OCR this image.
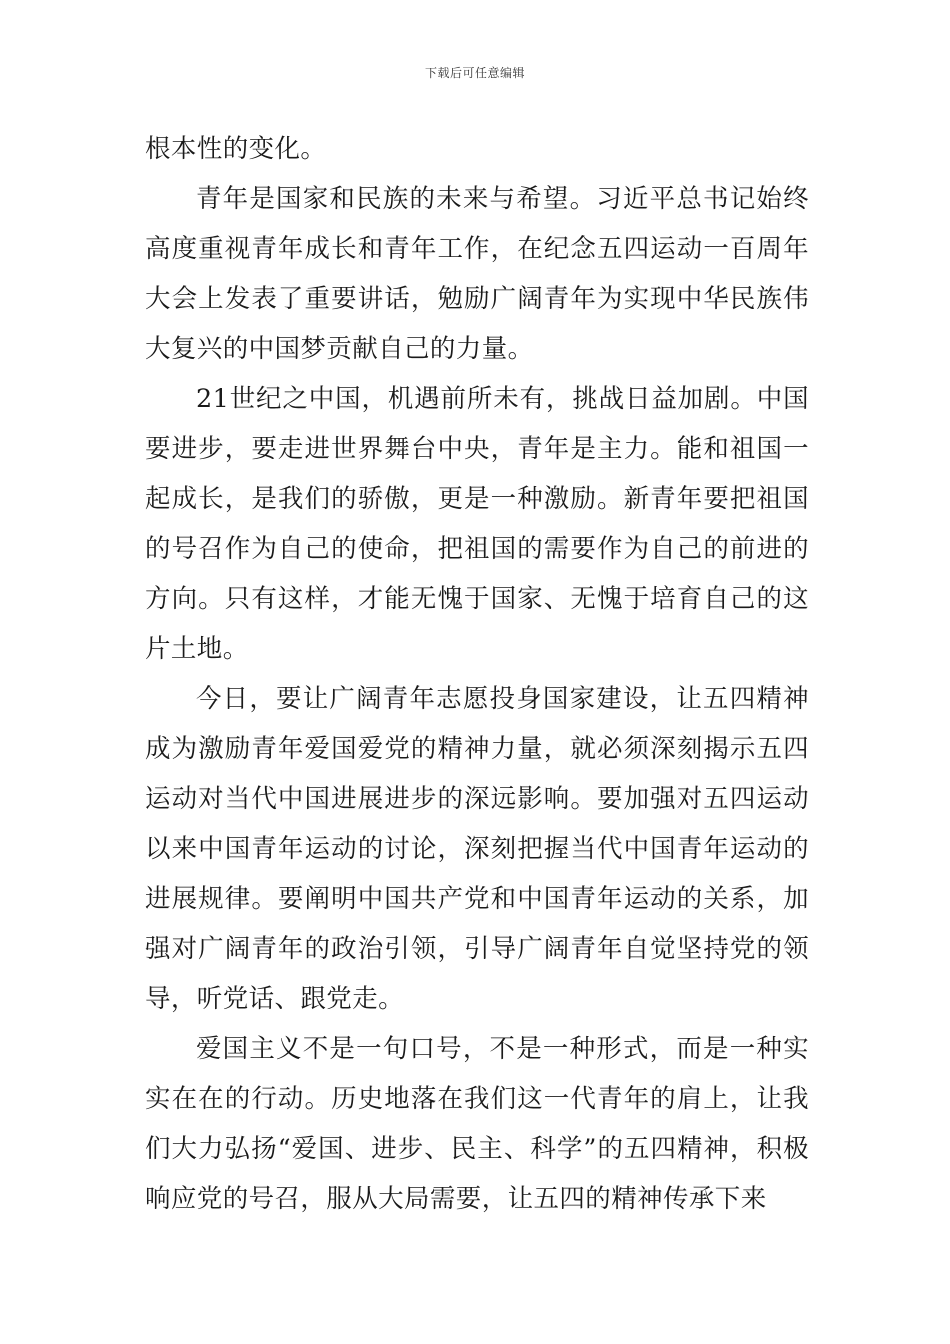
下载后可任意编辑

根本性的变化。

青年是国家和民族的未来与希望。习近平总书记始终高度重视青年成长和青年工作，在纪念五四运动一百周年大会上发表了重要讲话，勉励广阔青年为实现中华民族伟大复兴的中国梦贡献自己的力量。

21世纪之中国，机遇前所未有，挑战日益加剧。中国要进步，要走进世界舞台中央，青年是主力。能和祖国一起成长，是我们的骄傲，更是一种激励。新青年要把祖国的号召作为自己的使命，把祖国的需要作为自己的前进的方向。只有这样，才能无愧于国家、无愧于培育自己的这片土地。

今日，要让广阔青年志愿投身国家建设，让五四精神成为激励青年爱国爱党的精神力量，就必须深刻揭示五四运动对当代中国进展进步的深远影响。要加强对五四运动以来中国青年运动的讨论，深刻把握当代中国青年运动的进展规律。要阐明中国共产党和中国青年运动的关系，加强对广阔青年的政治引领，引导广阔青年自觉坚持党的领导，听党话、跟党走。

爱国主义不是一句口号，不是一种形式，而是一种实实在在的行动。历史地落在我们这一代青年的肩上，让我们大力弘扬“爱国、进步、民主、科学”的五四精神，积极响应党的号召，服从大局需要，让五四的精神传承下来
